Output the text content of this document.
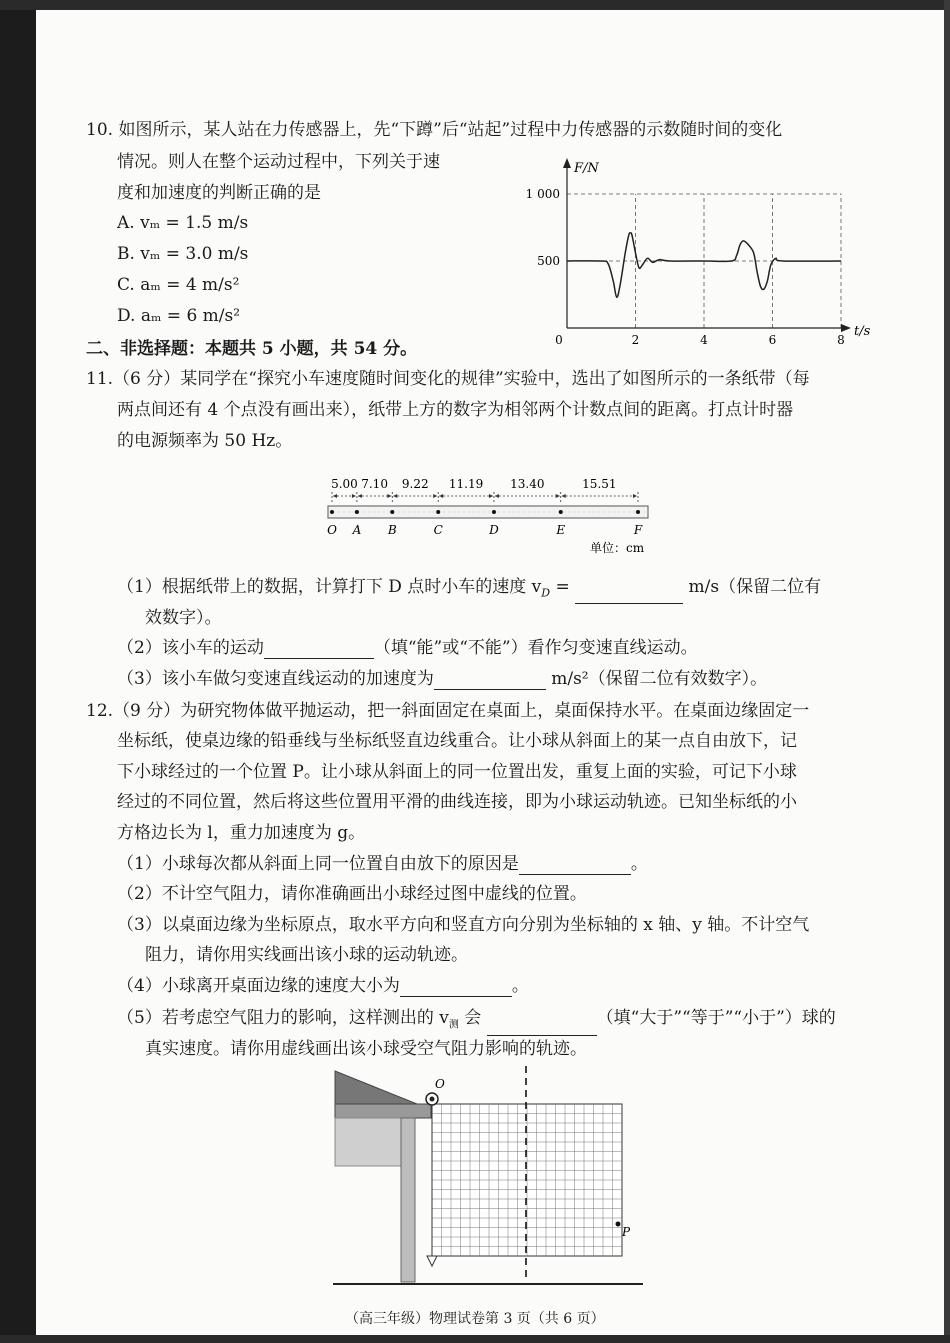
10. 如图所示，某人站在力传感器上，先“下蹲”后“站起”过程中力传感器的示数随时间的变化
情况。则人在整个运动过程中，下列关于速
度和加速度的判断正确的是
A. vₘ = 1.5 m/s
B. vₘ = 3.0 m/s
C. aₘ = 4 m/s²
D. aₘ = 6 m/s²
500
1 000
0	2	4	6	8
F/N
t/s
二、非选择题：本题共 5 小题，共 54 分。
11.（6 分）某同学在“探究小车速度随时间变化的规律”实验中，选出了如图所示的一条纸带（每
两点间还有 4 个点没有画出来），纸带上方的数字为相邻两个计数点间的距离。打点计时器
的电源频率为 50 Hz。
O A B	C	D	E	F
5.00 7.10 9.22 11.19 13.40	15.51
单位：cm
（1）根据纸带上的数据，计算打下 D 点时小车的速度 $v_D$ =	m/s（保留二位有
效数字）。
（2）该小车的运动	（填“能”或“不能”）看作匀变速直线运动。
（3）该小车做匀变速直线运动的加速度为	m/s²（保留二位有效数字）。
12.（9 分）为研究物体做平抛运动，把一斜面固定在桌面上，桌面保持水平。在桌面边缘固定一
坐标纸，使桌边缘的铅垂线与坐标纸竖直边线重合。让小球从斜面上的某一点自由放下，记
下小球经过的一个位置 P。让小球从斜面上的同一位置出发，重复上面的实验，可记下小球
经过的不同位置，然后将这些位置用平滑的曲线连接，即为小球运动轨迹。已知坐标纸的小
方格边长为 l，重力加速度为 g。
（1）小球每次都从斜面上同一位置自由放下的原因是	。
（2）不计空气阻力，请你准确画出小球经过图中虚线的位置。
（3）以桌面边缘为坐标原点，取水平方向和竖直方向分别为坐标轴的 x 轴、y 轴。不计空气
阻力，请你用实线画出该小球的运动轨迹。
（4）小球离开桌面边缘的速度大小为	。
（5）若考虑空气阻力的影响，这样测出的 $v_测$ 会	（填“大于”“等于”“小于”）球的
真实速度。请你用虚线画出该小球受空气阻力影响的轨迹。
O
P
（高三年级）物理试卷第 3 页（共 6 页）
